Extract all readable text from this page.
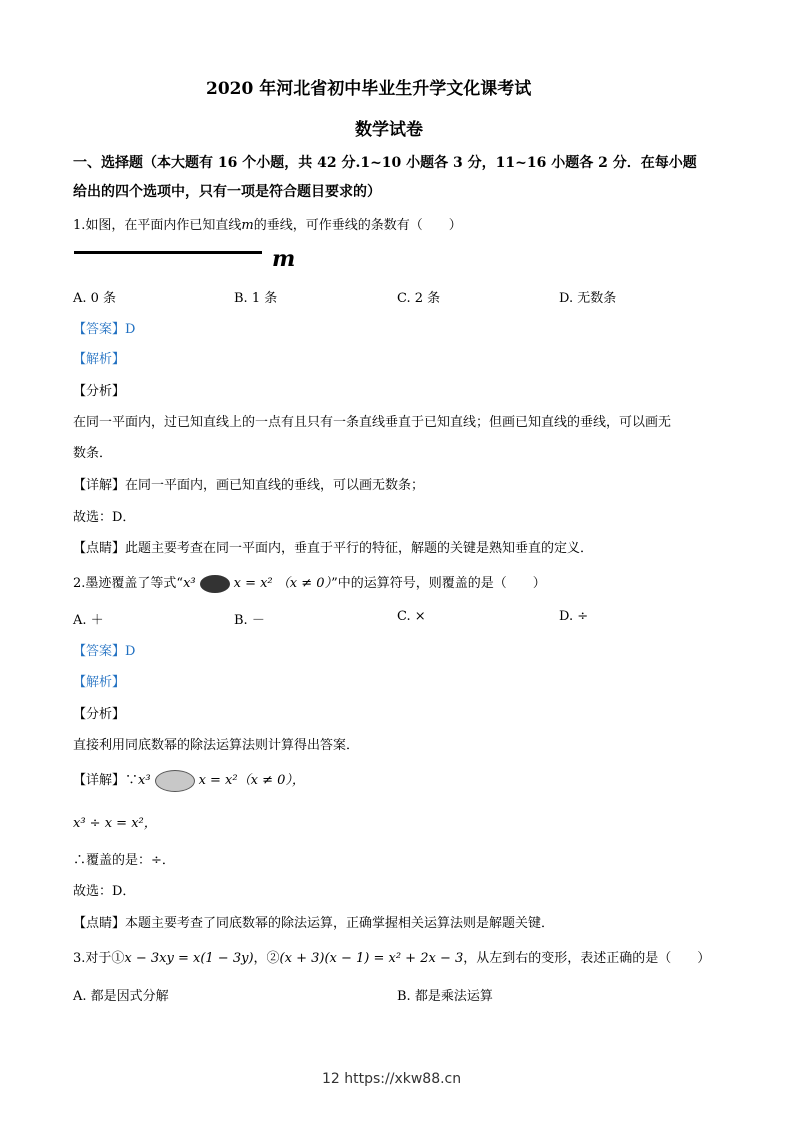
2020 年河北省初中毕业生升学文化课考试
数学试卷
一、选择题（本大题有 16 个小题，共 42 分.1~10 小题各 3 分，11~16 小题各 2 分．在每小题
给出的四个选项中，只有一项是符合题目要求的）
1.如图，在平面内作已知直线m的垂线，可作垂线的条数有（　　）
m
A. 0 条	B. 1 条	C. 2 条	D. 无数条
【答案】D
【解析】
【分析】
在同一平面内，过已知直线上的一点有且只有一条直线垂直于已知直线；但画已知直线的垂线，可以画无
数条．
【详解】在同一平面内，画已知直线的垂线，可以画无数条；
故选：D．
【点睛】此题主要考查在同一平面内，垂直于平行的特征，解题的关键是熟知垂直的定义．
2.墨迹覆盖了等式“x³	x = x² （x ≠ 0）”中的运算符号，则覆盖的是（　　）
A. ＋	B. －	C. ×	D. ÷
【答案】D
【解析】
【分析】
直接利用同底数幂的除法运算法则计算得出答案．
【详解】∵x³	x = x²（x ≠ 0），
x³ ÷ x = x²，
∴覆盖的是：÷．
故选：D．
【点睛】本题主要考查了同底数幂的除法运算，正确掌握相关运算法则是解题关键．
3.对于①x − 3xy = x(1 − 3y)，②(x + 3)(x − 1) = x² + 2x − 3，从左到右的变形，表述正确的是（　　）
A. 都是因式分解	B. 都是乘法运算
12 https://xkw88.cn
